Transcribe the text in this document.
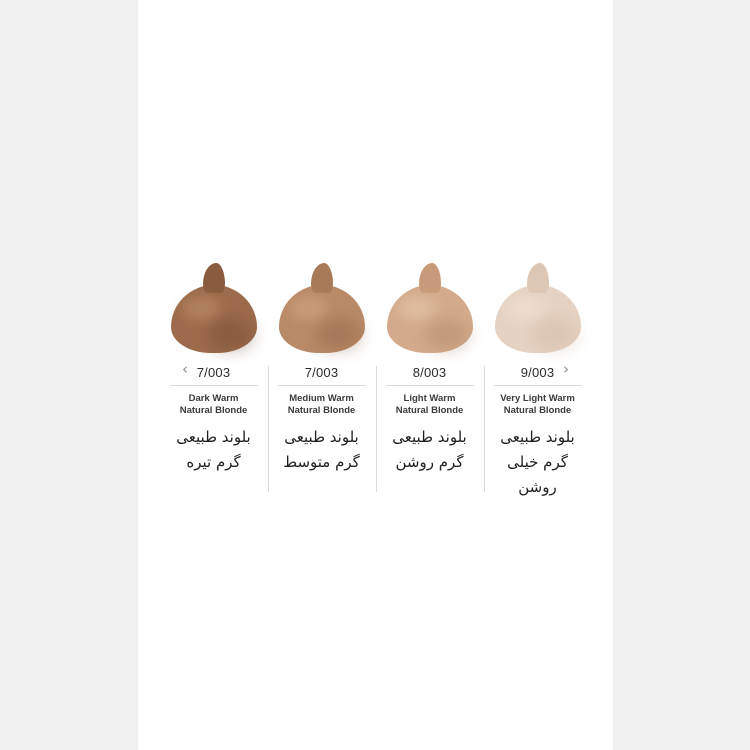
‹	›
7/003
Dark Warm
Natural Blonde
بلوند طبیعی
گرم تیره
7/003
Medium Warm
Natural Blonde
بلوند طبیعی
گرم متوسط
8/003
Light Warm
Natural Blonde
بلوند طبیعی
گرم روشن
9/003
Very Light Warm
Natural Blonde
بلوند طبیعی
گرم خیلی روشن
